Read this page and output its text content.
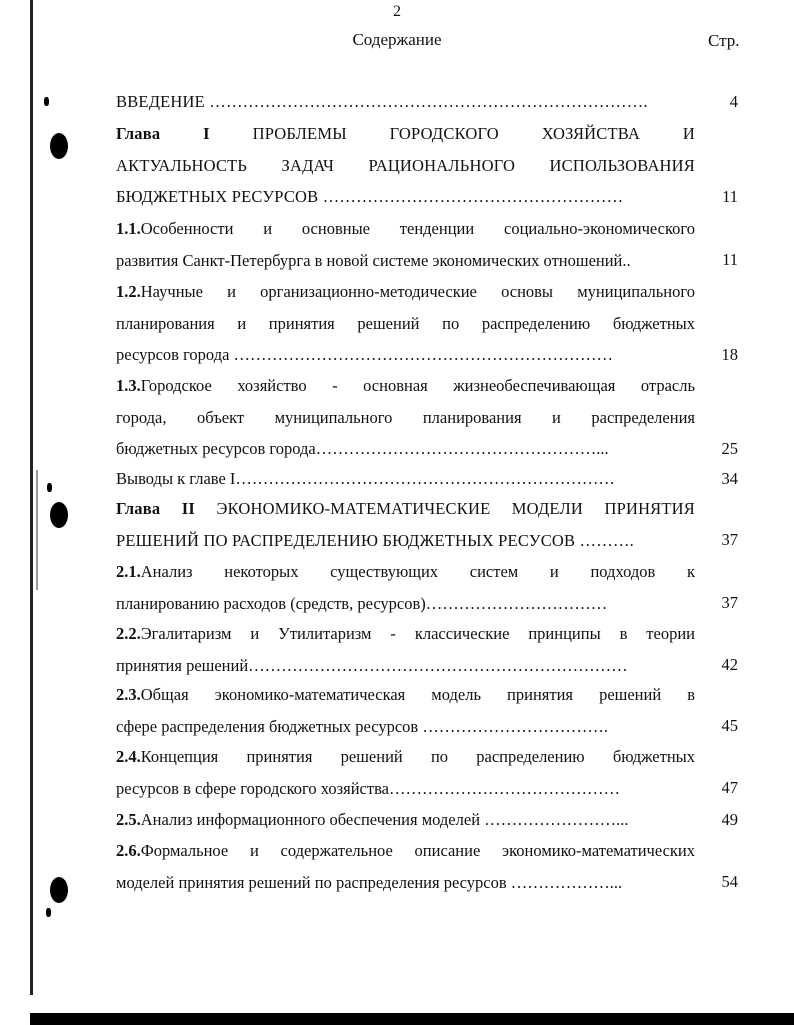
2
Содержание	Стр.
ВВЕДЕНИЕ …………………………………………………………………….	4
Глава I	ПРОБЛЕМЫ ГОРОДСКОГО ХОЗЯЙСТВА И
АКТУАЛЬНОСТЬ ЗАДАЧ РАЦИОНАЛЬНОГО ИСПОЛЬЗОВАНИЯ
БЮДЖЕТНЫХ РЕСУРСОВ ………………………………………………	11
1.1.Особенности и основные тенденции социально-экономического
развития Санкт-Петербурга в новой системе экономических отношений..	11
1.2.Научные и организационно-методические основы муниципального
планирования и принятия решений по распределению бюджетных
ресурсов города ……………………………………………………………	18
1.3.Городское хозяйство - основная жизнеобеспечивающая отрасль
города, объект муниципального планирования и распределения
бюджетных ресурсов города……………………………………………...	25
Выводы к главе I……………………………………………………………	34
Глава II ЭКОНОМИКО-МАТЕМАТИЧЕСКИЕ МОДЕЛИ ПРИНЯТИЯ
РЕШЕНИЙ ПО РАСПРЕДЕЛЕНИЮ БЮДЖЕТНЫХ РЕСУСОВ ……….	37
2.1.Анализ некоторых существующих систем и подходов к
планированию расходов (средств, ресурсов)……………………………	37
2.2.Эгалитаризм и Утилитаризм - классические принципы в теории
принятия решений……………………………………………………………	42
2.3.Общая экономико-математическая модель принятия решений в
сфере распределения бюджетных ресурсов …………………………….	45
2.4.Концепция принятия решений по распределению бюджетных
ресурсов в сфере городского хозяйства……………………………………	47
2.5.Анализ информационного обеспечения моделей ……………………...	49
2.6.Формальное и содержательное описание экономико-математических
моделей принятия решений по распределения ресурсов ………………...	54
